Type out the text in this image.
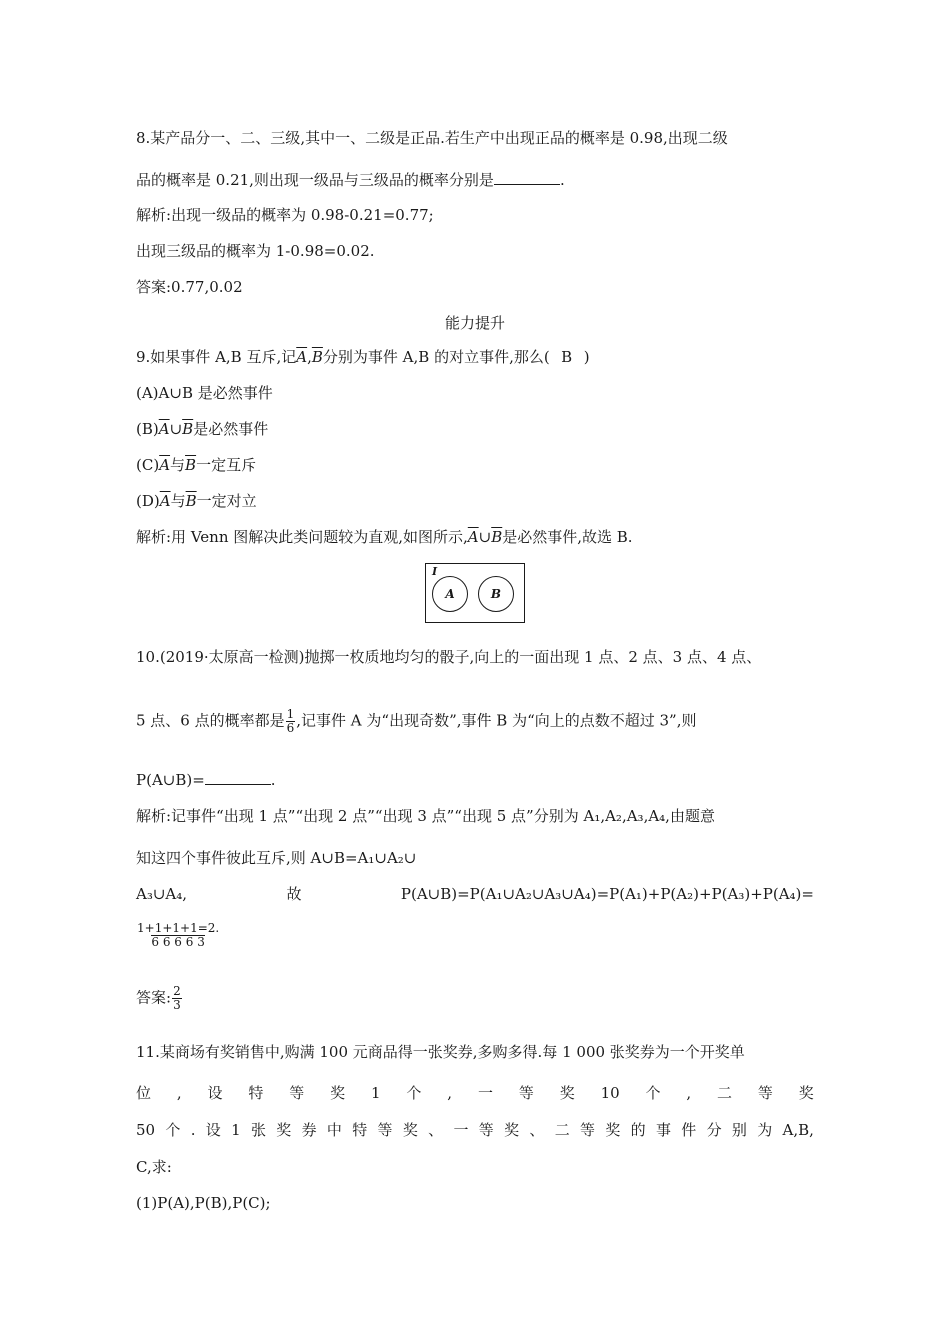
8.某产品分一、二、三级,其中一、二级是正品.若生产中出现正品的概率是 0.98,出现二级
品的概率是 0.21,则出现一级品与三级品的概率分别是	.
解析:出现一级品的概率为 0.98-0.21=0.77;
出现三级品的概率为 1-0.98=0.02.
答案:0.77,0.02
能力提升
9.如果事件 A,B 互斥,记$\overline{A},\overline{B}$分别为事件 A,B 的对立事件,那么( B )
(A)A∪B 是必然事件
$(B)\overline{A}\cup\overline{B}$是必然事件
$(C)\overline{A}$与$\overline{B}$一定互斥
$(D)\overline{A}$与$\overline{B}$一定对立
解析:用 Venn 图解决此类问题较为直观,如图所示$,\overline{A}\cup\overline{B}$是必然事件,故选 B.
I
A	B
10.(2019·太原高一检测)抛掷一枚质地均匀的骰子,向上的一面出现 1 点、2 点、3 点、4 点、
5 点、6 点的概率都是 $\frac{1}{6}$ ,记事件 A 为“出现奇数”,事件 B 为“向上的点数不超过 3”,则
P(A∪B)=	.
解析:记事件“出现 1 点”“出现 2 点”“出现 3 点”“出现 5 点”分别为 A₁,A₂,A₃,A₄,由题意
知这四个事件彼此互斥,则 A∪B=A₁∪A₂∪
A₃∪A₄,	故	P(A∪B)=P(A₁∪A₂∪A₃∪A₄)=P(A₁)+P(A₂)+P(A₃)+P(A₄)=
$\frac{1+1+1+1=2.}{6 6 6 6 3}$
答案: $\frac{2}{3}$
11.某商场有奖销售中,购满 100 元商品得一张奖券,多购多得.每 1 000 张奖券为一个开奖单
位 , 设 特 等 奖 1 个 , 一 等 奖 10 个 , 二 等 奖
50 个 . 设 1 张 奖 券 中 特 等 奖 、 一 等 奖 、 二 等 奖 的 事 件 分 别 为 A,B,
C,求:
(1)P(A),P(B),P(C);
